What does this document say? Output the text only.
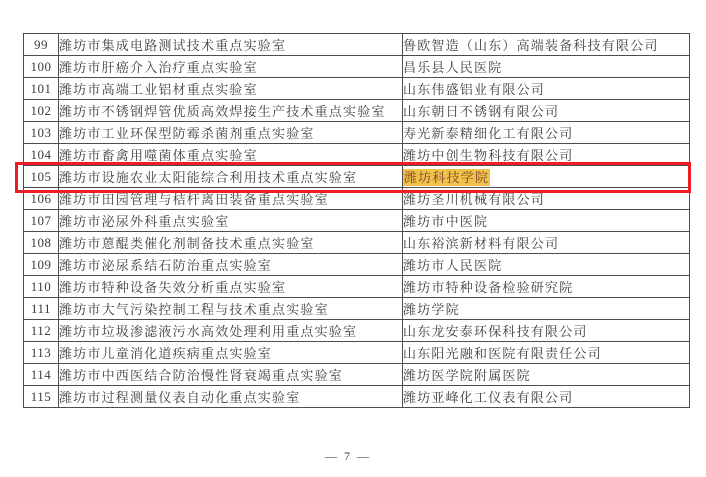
99	潍坊市集成电路测试技术重点实验室	鲁欧智造（山东）高端装备科技有限公司
100	潍坊市肝癌介入治疗重点实验室	昌乐县人民医院
101	潍坊市高端工业铝材重点实验室	山东伟盛铝业有限公司
102	潍坊市不锈钢焊管优质高效焊接生产技术重点实验室	山东朝日不锈钢有限公司
103	潍坊市工业环保型防霉杀菌剂重点实验室	寿光新泰精细化工有限公司
104	潍坊市畜禽用噬菌体重点实验室	潍坊中创生物科技有限公司
105	潍坊市设施农业太阳能综合利用技术重点实验室	潍坊科技学院
106	潍坊市田园管理与桔杆离田装备重点实验室	潍坊圣川机械有限公司
107	潍坊市泌尿外科重点实验室	潍坊市中医院
108	潍坊市蒽醌类催化剂制备技术重点实验室	山东裕滨新材料有限公司
109	潍坊市泌尿系结石防治重点实验室	潍坊市人民医院
110	潍坊市特种设备失效分析重点实验室	潍坊市特种设备检验研究院
111	潍坊市大气污染控制工程与技术重点实验室	潍坊学院
112	潍坊市垃圾渗滤液污水高效处理利用重点实验室	山东龙安泰环保科技有限公司
113	潍坊市儿童消化道疾病重点实验室	山东阳光融和医院有限责任公司
114	潍坊市中西医结合防治慢性肾衰竭重点实验室	潍坊医学院附属医院
115	潍坊市过程测量仪表自动化重点实验室	潍坊亚峰化工仪表有限公司
— 7 —
